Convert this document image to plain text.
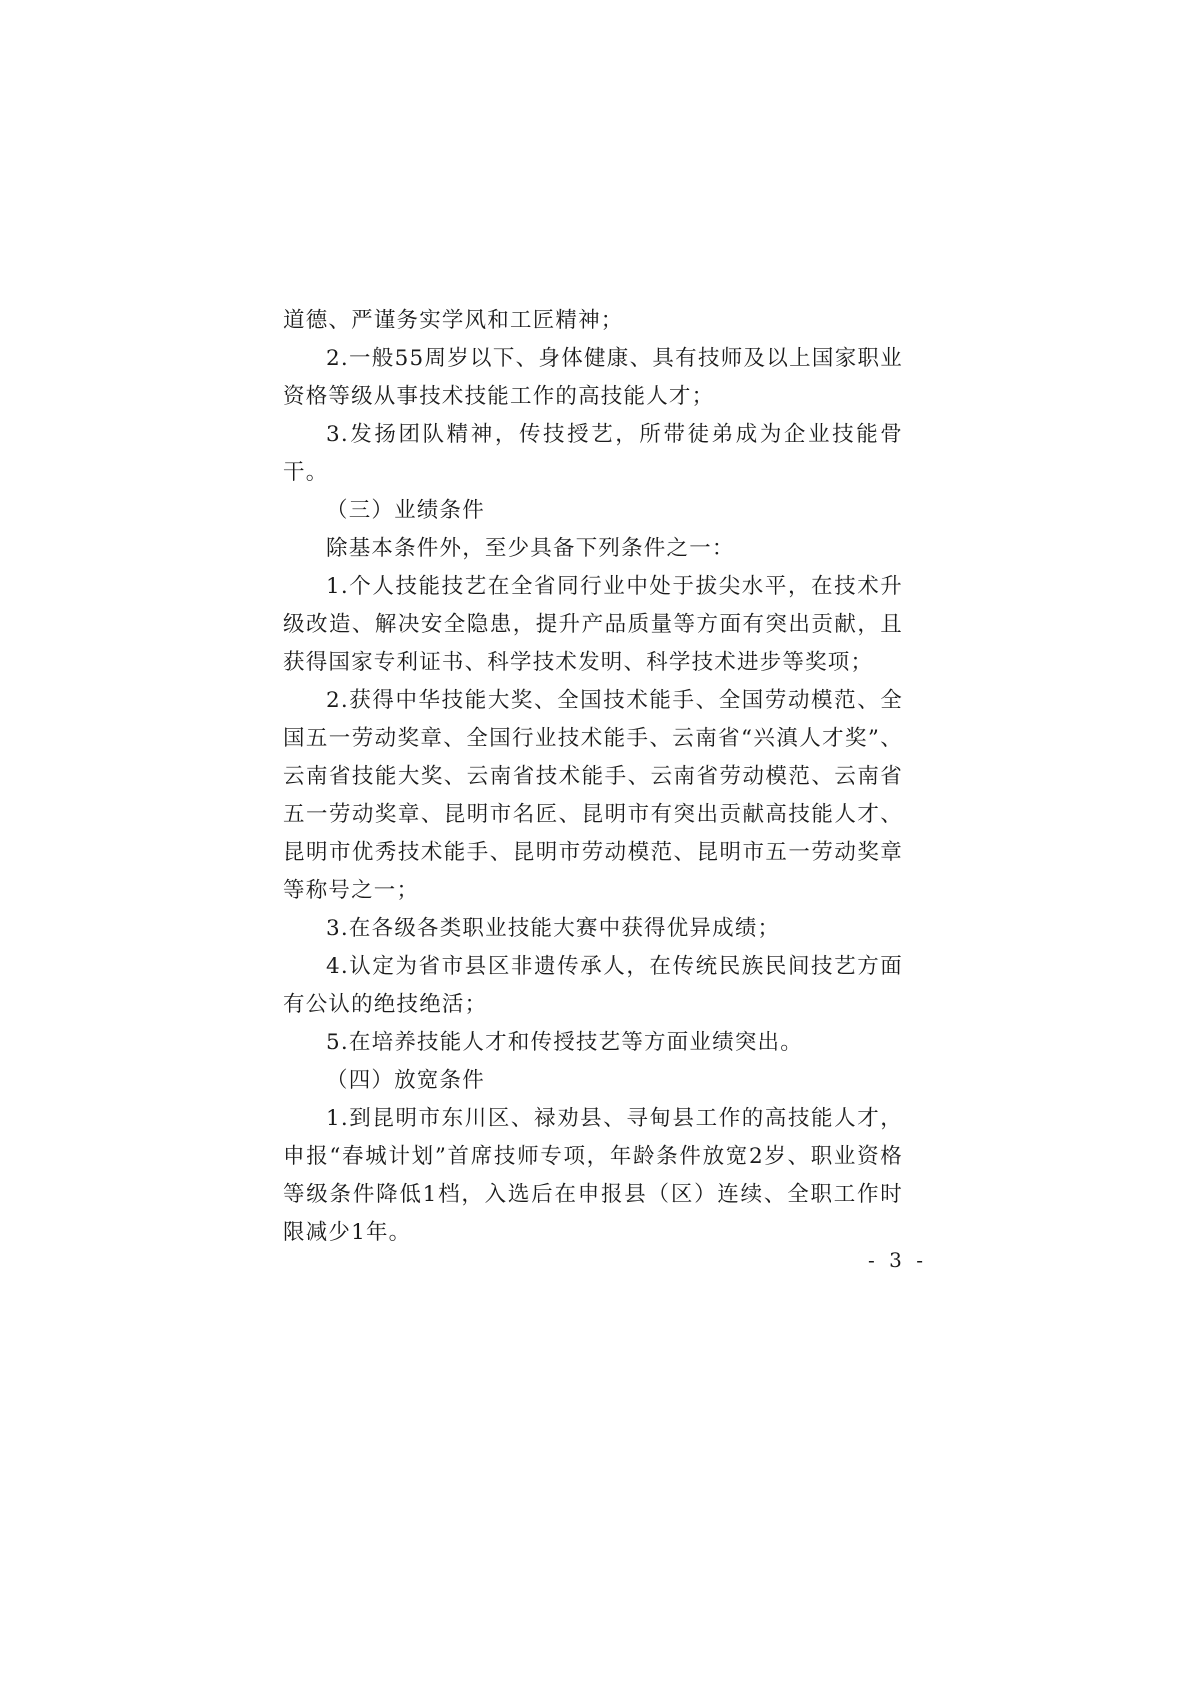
道德、严谨务实学风和工匠精神；

2.一般55周岁以下、身体健康、具有技师及以上国家职业资格等级从事技术技能工作的高技能人才；

3.发扬团队精神，传技授艺，所带徒弟成为企业技能骨干。

（三）业绩条件

除基本条件外，至少具备下列条件之一：

1.个人技能技艺在全省同行业中处于拔尖水平，在技术升级改造、解决安全隐患，提升产品质量等方面有突出贡献，且获得国家专利证书、科学技术发明、科学技术进步等奖项；

2.获得中华技能大奖、全国技术能手、全国劳动模范、全国五一劳动奖章、全国行业技术能手、云南省“兴滇人才奖”、云南省技能大奖、云南省技术能手、云南省劳动模范、云南省五一劳动奖章、昆明市名匠、昆明市有突出贡献高技能人才、昆明市优秀技术能手、昆明市劳动模范、昆明市五一劳动奖章等称号之一；

3.在各级各类职业技能大赛中获得优异成绩；

4.认定为省市县区非遗传承人，在传统民族民间技艺方面有公认的绝技绝活；

5.在培养技能人才和传授技艺等方面业绩突出。

（四）放宽条件

1.到昆明市东川区、禄劝县、寻甸县工作的高技能人才，申报“春城计划”首席技师专项，年龄条件放宽2岁、职业资格等级条件降低1档，入选后在申报县（区）连续、全职工作时限减少1年。

- 3 -
